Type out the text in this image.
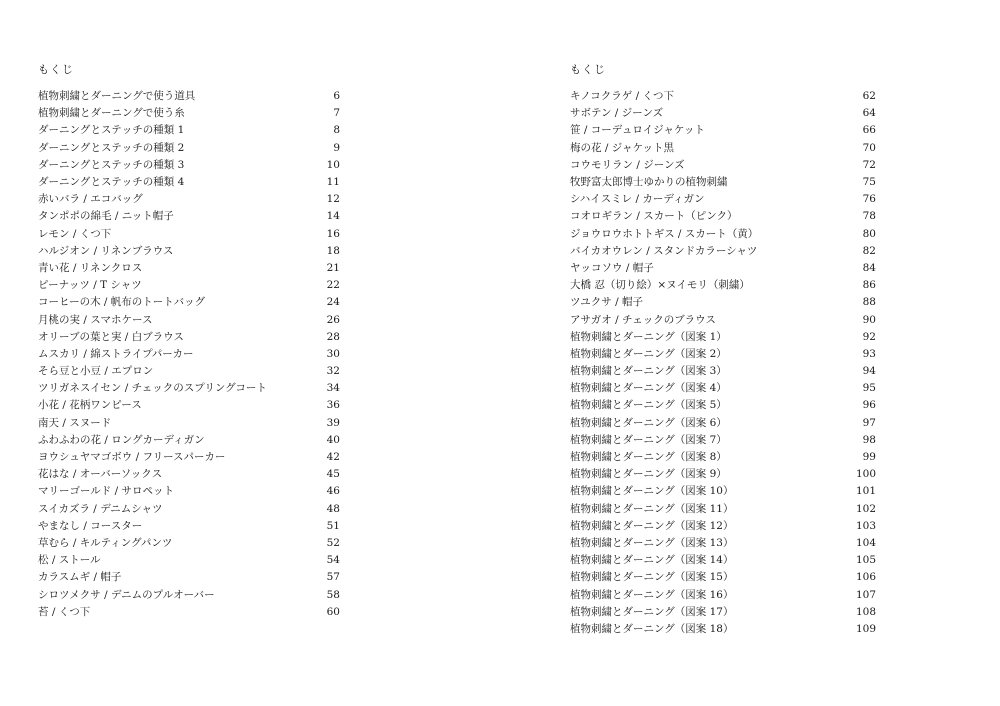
もくじ
植物刺繍とダーニングで使う道具	6
植物刺繍とダーニングで使う糸	7
ダーニングとステッチの種類 1	8
ダーニングとステッチの種類 2	9
ダーニングとステッチの種類 3	10
ダーニングとステッチの種類 4	11
赤いバラ / エコバッグ	12
タンポポの綿毛 / ニット帽子	14
レモン / くつ下	16
ハルジオン / リネンブラウス	18
青い花 / リネンクロス	21
ピーナッツ / T シャツ	22
コーヒーの木 / 帆布のトートバッグ	24
月桃の実 / スマホケース	26
オリーブの葉と実 / 白ブラウス	28
ムスカリ / 綿ストライプパーカー	30
そら豆と小豆 / エプロン	32
ツリガネスイセン / チェックのスプリングコート	34
小花 / 花柄ワンピース	36
南天 / スヌード	39
ふわふわの花 / ロングカーディガン	40
ヨウシュヤマゴボウ / フリースパーカー	42
花はな / オーバーソックス	45
マリーゴールド / サロペット	46
スイカズラ / デニムシャツ	48
やまなし / コースター	51
草むら / キルティングパンツ	52
松 / ストール	54
カラスムギ / 帽子	57
シロツメクサ / デニムのプルオーバー	58
苔 / くつ下	60
もくじ
キノコクラゲ / くつ下	62
サボテン / ジーンズ	64
笹 / コーデュロイジャケット	66
梅の花 / ジャケット黒	70
コウモリラン / ジーンズ	72
牧野富太郎博士ゆかりの植物刺繍	75
シハイスミレ / カーディガン	76
コオロギラン / スカート（ピンク）	78
ジョウロウホトトギス / スカート（黄）	80
バイカオウレン / スタンドカラーシャツ	82
ヤッコソウ / 帽子	84
大橋 忍（切り絵）×ヌイモリ（刺繍）	86
ツユクサ / 帽子	88
アサガオ / チェックのブラウス	90
植物刺繍とダーニング（図案 1）	92
植物刺繍とダーニング（図案 2）	93
植物刺繍とダーニング（図案 3）	94
植物刺繍とダーニング（図案 4）	95
植物刺繍とダーニング（図案 5）	96
植物刺繍とダーニング（図案 6）	97
植物刺繍とダーニング（図案 7）	98
植物刺繍とダーニング（図案 8）	99
植物刺繍とダーニング（図案 9）	100
植物刺繍とダーニング（図案 10）	101
植物刺繍とダーニング（図案 11）	102
植物刺繍とダーニング（図案 12）	103
植物刺繍とダーニング（図案 13）	104
植物刺繍とダーニング（図案 14）	105
植物刺繍とダーニング（図案 15）	106
植物刺繍とダーニング（図案 16）	107
植物刺繍とダーニング（図案 17）	108
植物刺繍とダーニング（図案 18）	109
